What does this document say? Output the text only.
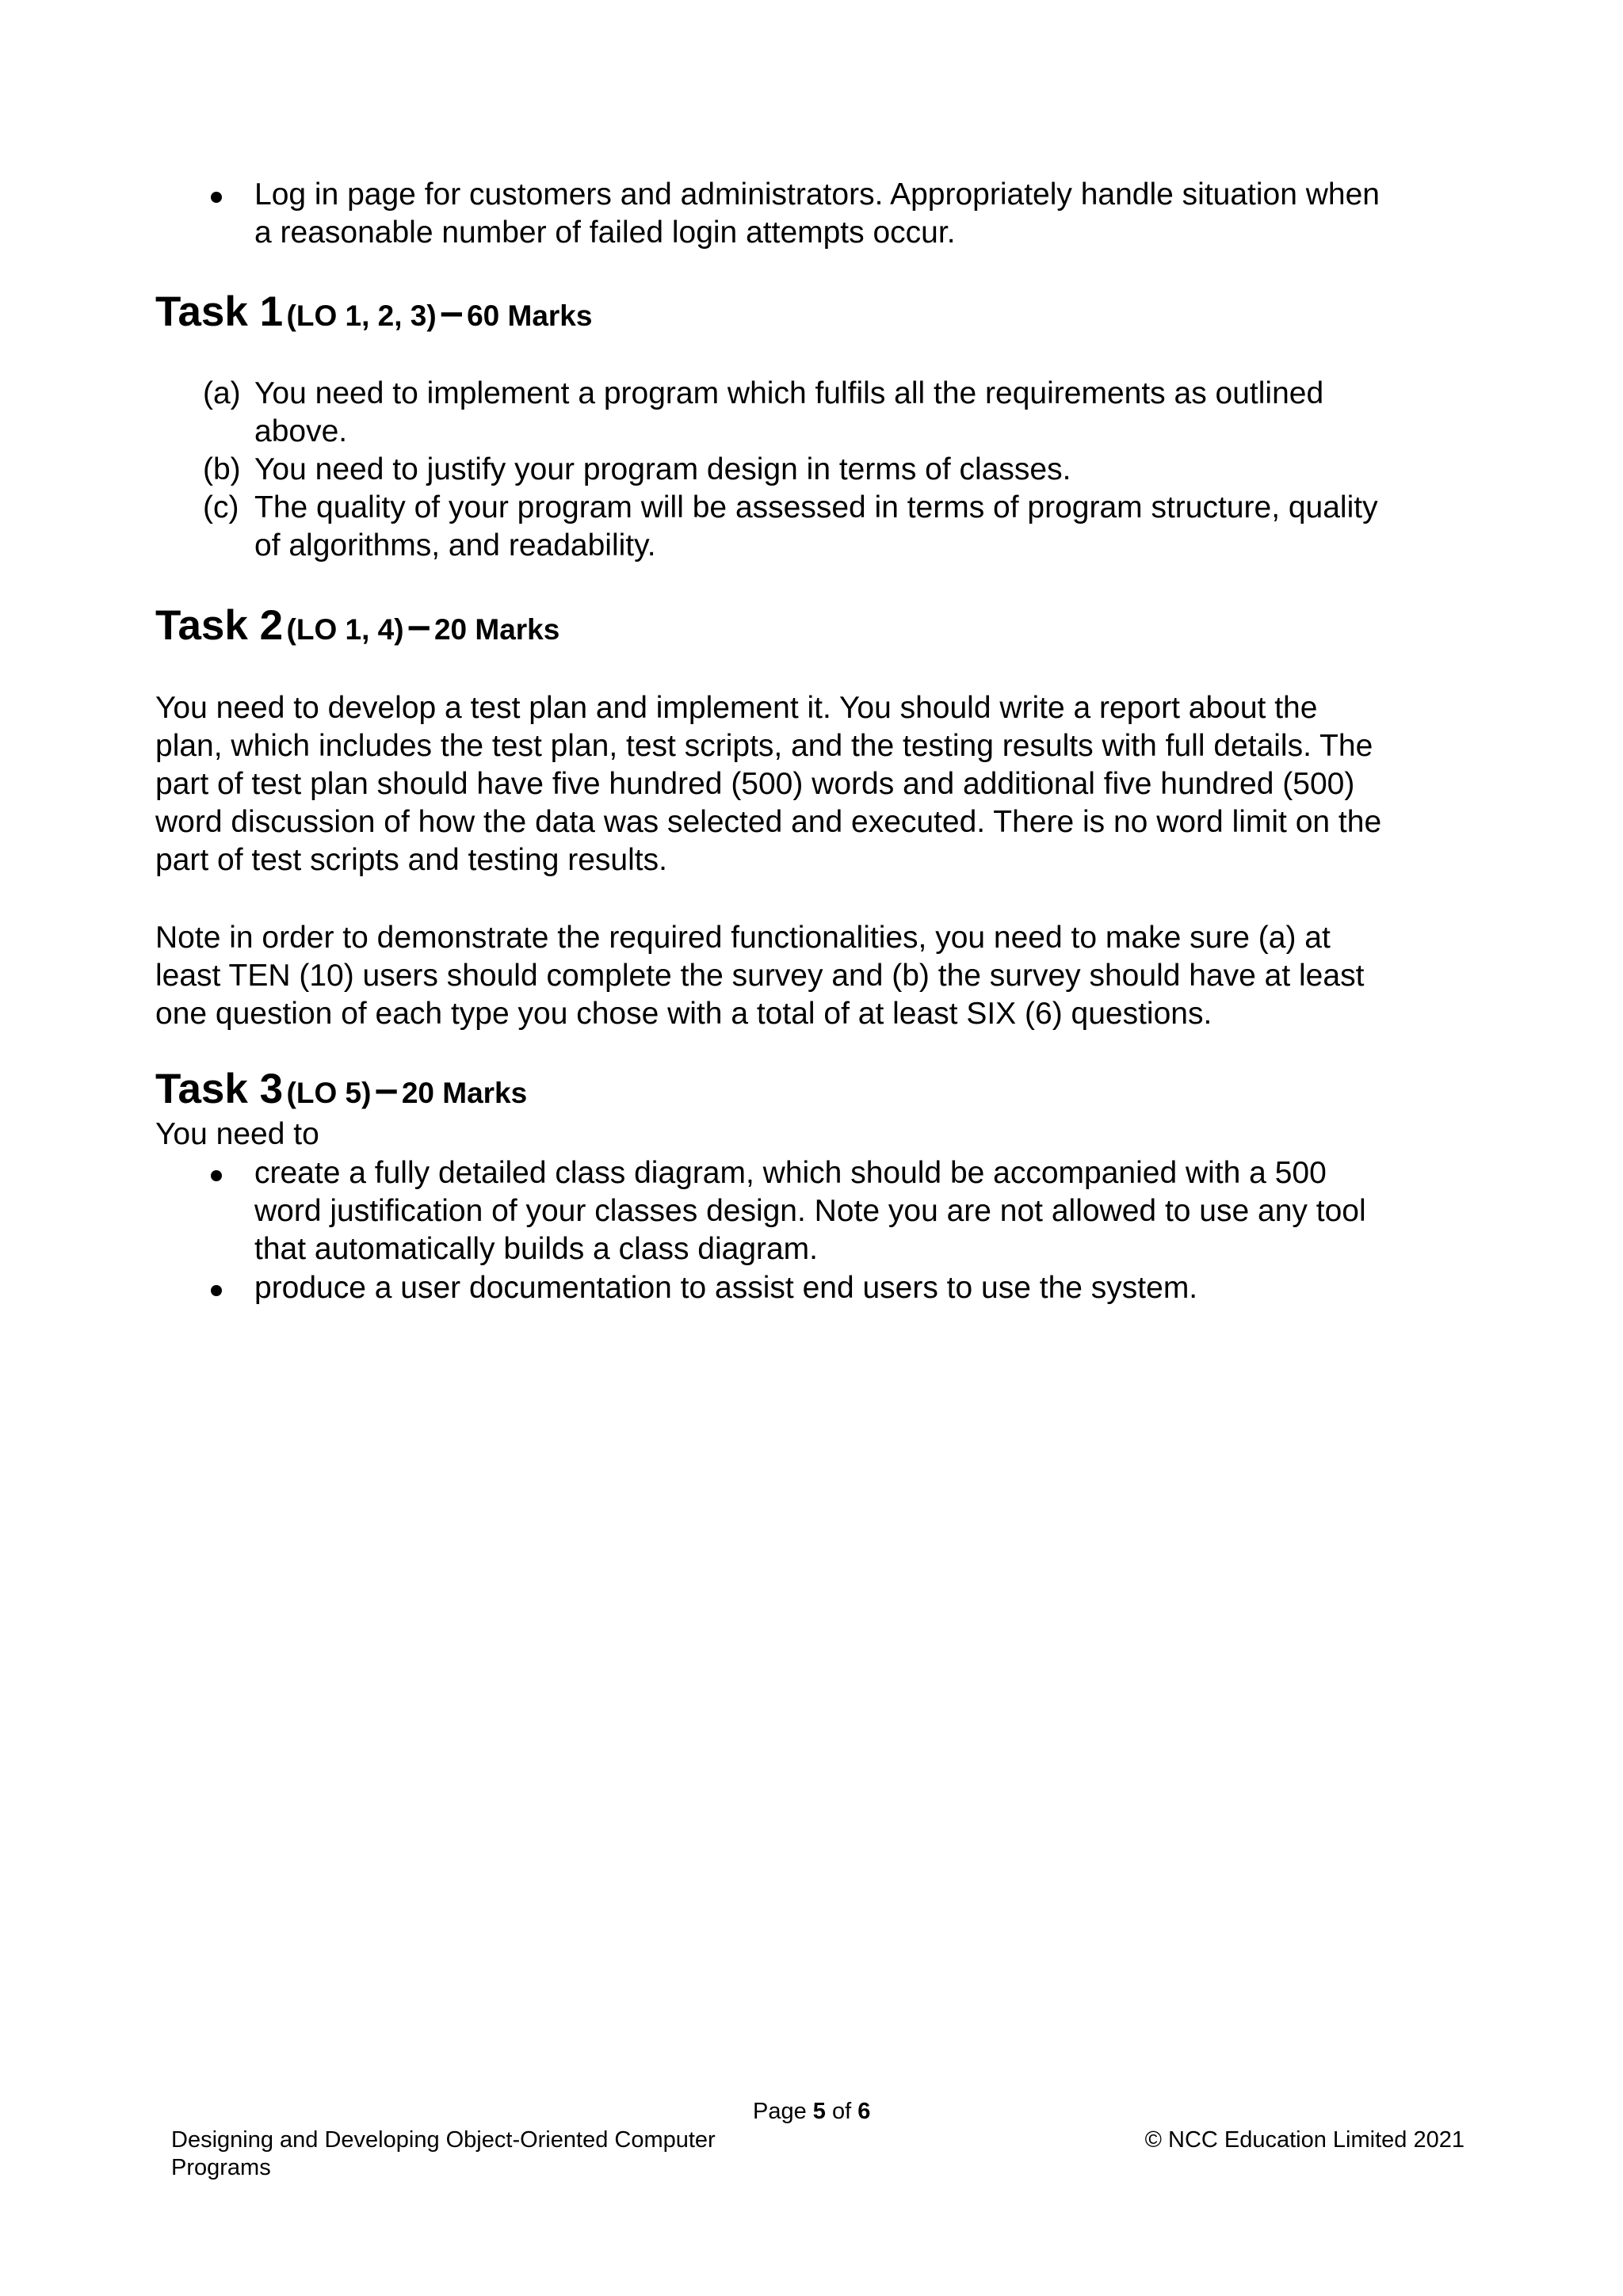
Log in page for customers and administrators. Appropriately handle situation when
a reasonable number of failed login attempts occur.
Task 1 (LO 1, 2, 3) – 60 Marks
(a) You need to implement a program which fulfils all the requirements as outlined
above.
(b) You need to justify your program design in terms of classes.
(c) The quality of your program will be assessed in terms of program structure, quality
of algorithms, and readability.
Task 2 (LO 1, 4) – 20 Marks
You need to develop a test plan and implement it. You should write a report about the
plan, which includes the test plan, test scripts, and the testing results with full details. The
part of test plan should have five hundred (500) words and additional five hundred (500)
word discussion of how the data was selected and executed. There is no word limit on the
part of test scripts and testing results.
Note in order to demonstrate the required functionalities, you need to make sure (a) at
least TEN (10) users should complete the survey and (b) the survey should have at least
one question of each type you chose with a total of at least SIX (6) questions.
Task 3 (LO 5) – 20 Marks
You need to
create a fully detailed class diagram, which should be accompanied with a 500
word justification of your classes design. Note you are not allowed to use any tool
that automatically builds a class diagram.
produce a user documentation to assist end users to use the system.
Page 5 of 6
Designing and Developing Object-Oriented Computer
Programs
© NCC Education Limited 2021
